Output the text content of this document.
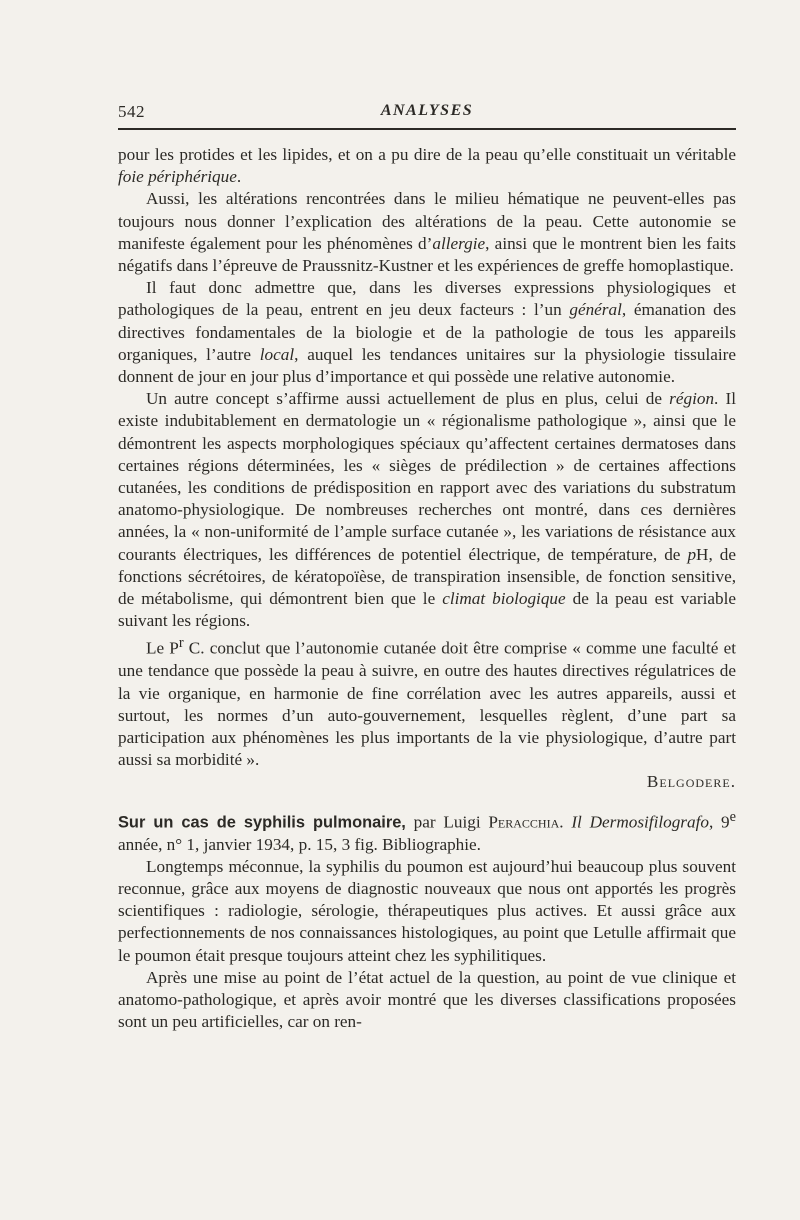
542	ANALYSES

pour les protides et les lipides, et on a pu dire de la peau qu’elle constituait un véritable foie périphérique.

Aussi, les altérations rencontrées dans le milieu hématique ne peuvent-elles pas toujours nous donner l’explication des altérations de la peau. Cette autonomie se manifeste également pour les phénomènes d’allergie, ainsi que le montrent bien les faits négatifs dans l’épreuve de Praussnitz-Kustner et les expériences de greffe homoplastique.

Il faut donc admettre que, dans les diverses expressions physiologiques et pathologiques de la peau, entrent en jeu deux facteurs : l’un général, émanation des directives fondamentales de la biologie et de la pathologie de tous les appareils organiques, l’autre local, auquel les tendances unitaires sur la physiologie tissulaire donnent de jour en jour plus d’importance et qui possède une relative autonomie.

Un autre concept s’affirme aussi actuellement de plus en plus, celui de région. Il existe indubitablement en dermatologie un « régionalisme pathologique », ainsi que le démontrent les aspects morphologiques spéciaux qu’affectent certaines dermatoses dans certaines régions déterminées, les « sièges de prédilection » de certaines affections cutanées, les conditions de prédisposition en rapport avec des variations du substratum anatomo-physiologique. De nombreuses recherches ont montré, dans ces dernières années, la « non-uniformité de l’ample surface cutanée », les variations de résistance aux courants électriques, les différences de potentiel électrique, de température, de pH, de fonctions sécrétoires, de kératopoïèse, de transpiration insensible, de fonction sensitive, de métabolisme, qui démontrent bien que le climat biologique de la peau est variable suivant les régions.

Le $P^r$ C. conclut que l’autonomie cutanée doit être comprise « comme une faculté et une tendance que possède la peau à suivre, en outre des hautes directives régulatrices de la vie organique, en harmonie de fine corrélation avec les autres appareils, aussi et surtout, les normes d’un auto-gouvernement, lesquelles règlent, d’une part sa participation aux phénomènes les plus importants de la vie physiologique, d’autre part aussi sa morbidité ».

Belgodere.

Sur un cas de syphilis pulmonaire, par Luigi Peracchia. Il Dermosifilografo, 9e année, n° 1, janvier 1934, p. 15, 3 fig. Bibliographie.

Longtemps méconnue, la syphilis du poumon est aujourd’hui beaucoup plus souvent reconnue, grâce aux moyens de diagnostic nouveaux que nous ont apportés les progrès scientifiques : radiologie, sérologie, thérapeutiques plus actives. Et aussi grâce aux perfectionnements de nos connaissances histologiques, au point que Letulle affirmait que le poumon était presque toujours atteint chez les syphilitiques.

Après une mise au point de l’état actuel de la question, au point de vue clinique et anatomo-pathologique, et après avoir montré que les diverses classifications proposées sont un peu artificielles, car on ren-
